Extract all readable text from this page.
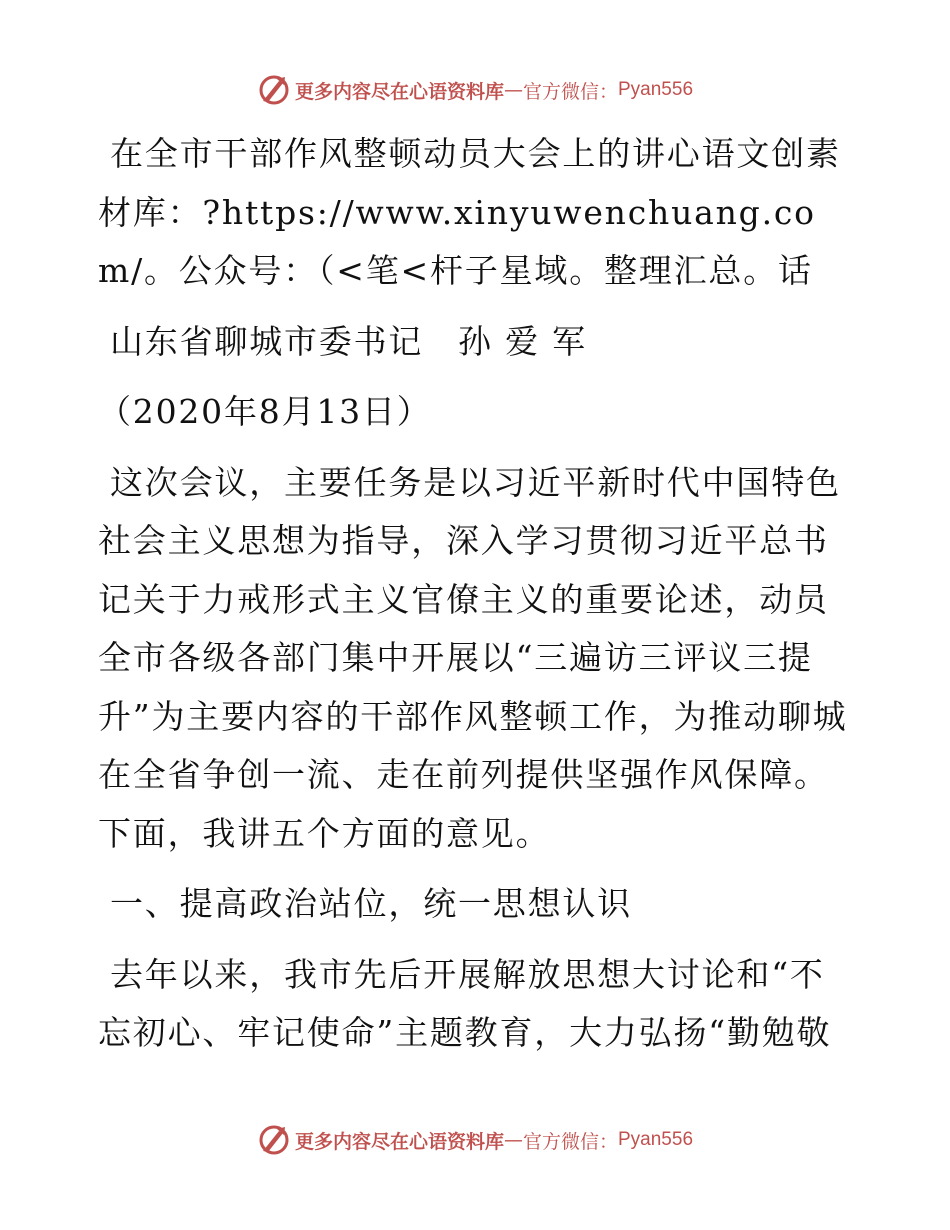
更多内容尽在心语资料库 — 官方微信： Pyan556

在全市干部作风整顿动员大会上的讲心语文创素材库：?https://www.xinyuwenchuang.com/。公众号：（<笔<杆子星域。整理汇总。话

山东省聊城市委书记　孙 爱 军

（2020年8月13日）

这次会议，主要任务是以习近平新时代中国特色社会主义思想为指导，深入学习贯彻习近平总书记关于力戒形式主义官僚主义的重要论述，动员全市各级各部门集中开展以“三遍访三评议三提升”为主要内容的干部作风整顿工作，为推动聊城在全省争创一流、走在前列提供坚强作风保障。下面，我讲五个方面的意见。

一、提高政治站位，统一思想认识

去年以来，我市先后开展解放思想大讨论和“不忘初心、牢记使命”主题教育，大力弘扬“勤勉敬

更多内容尽在心语资料库 — 官方微信： Pyan556
